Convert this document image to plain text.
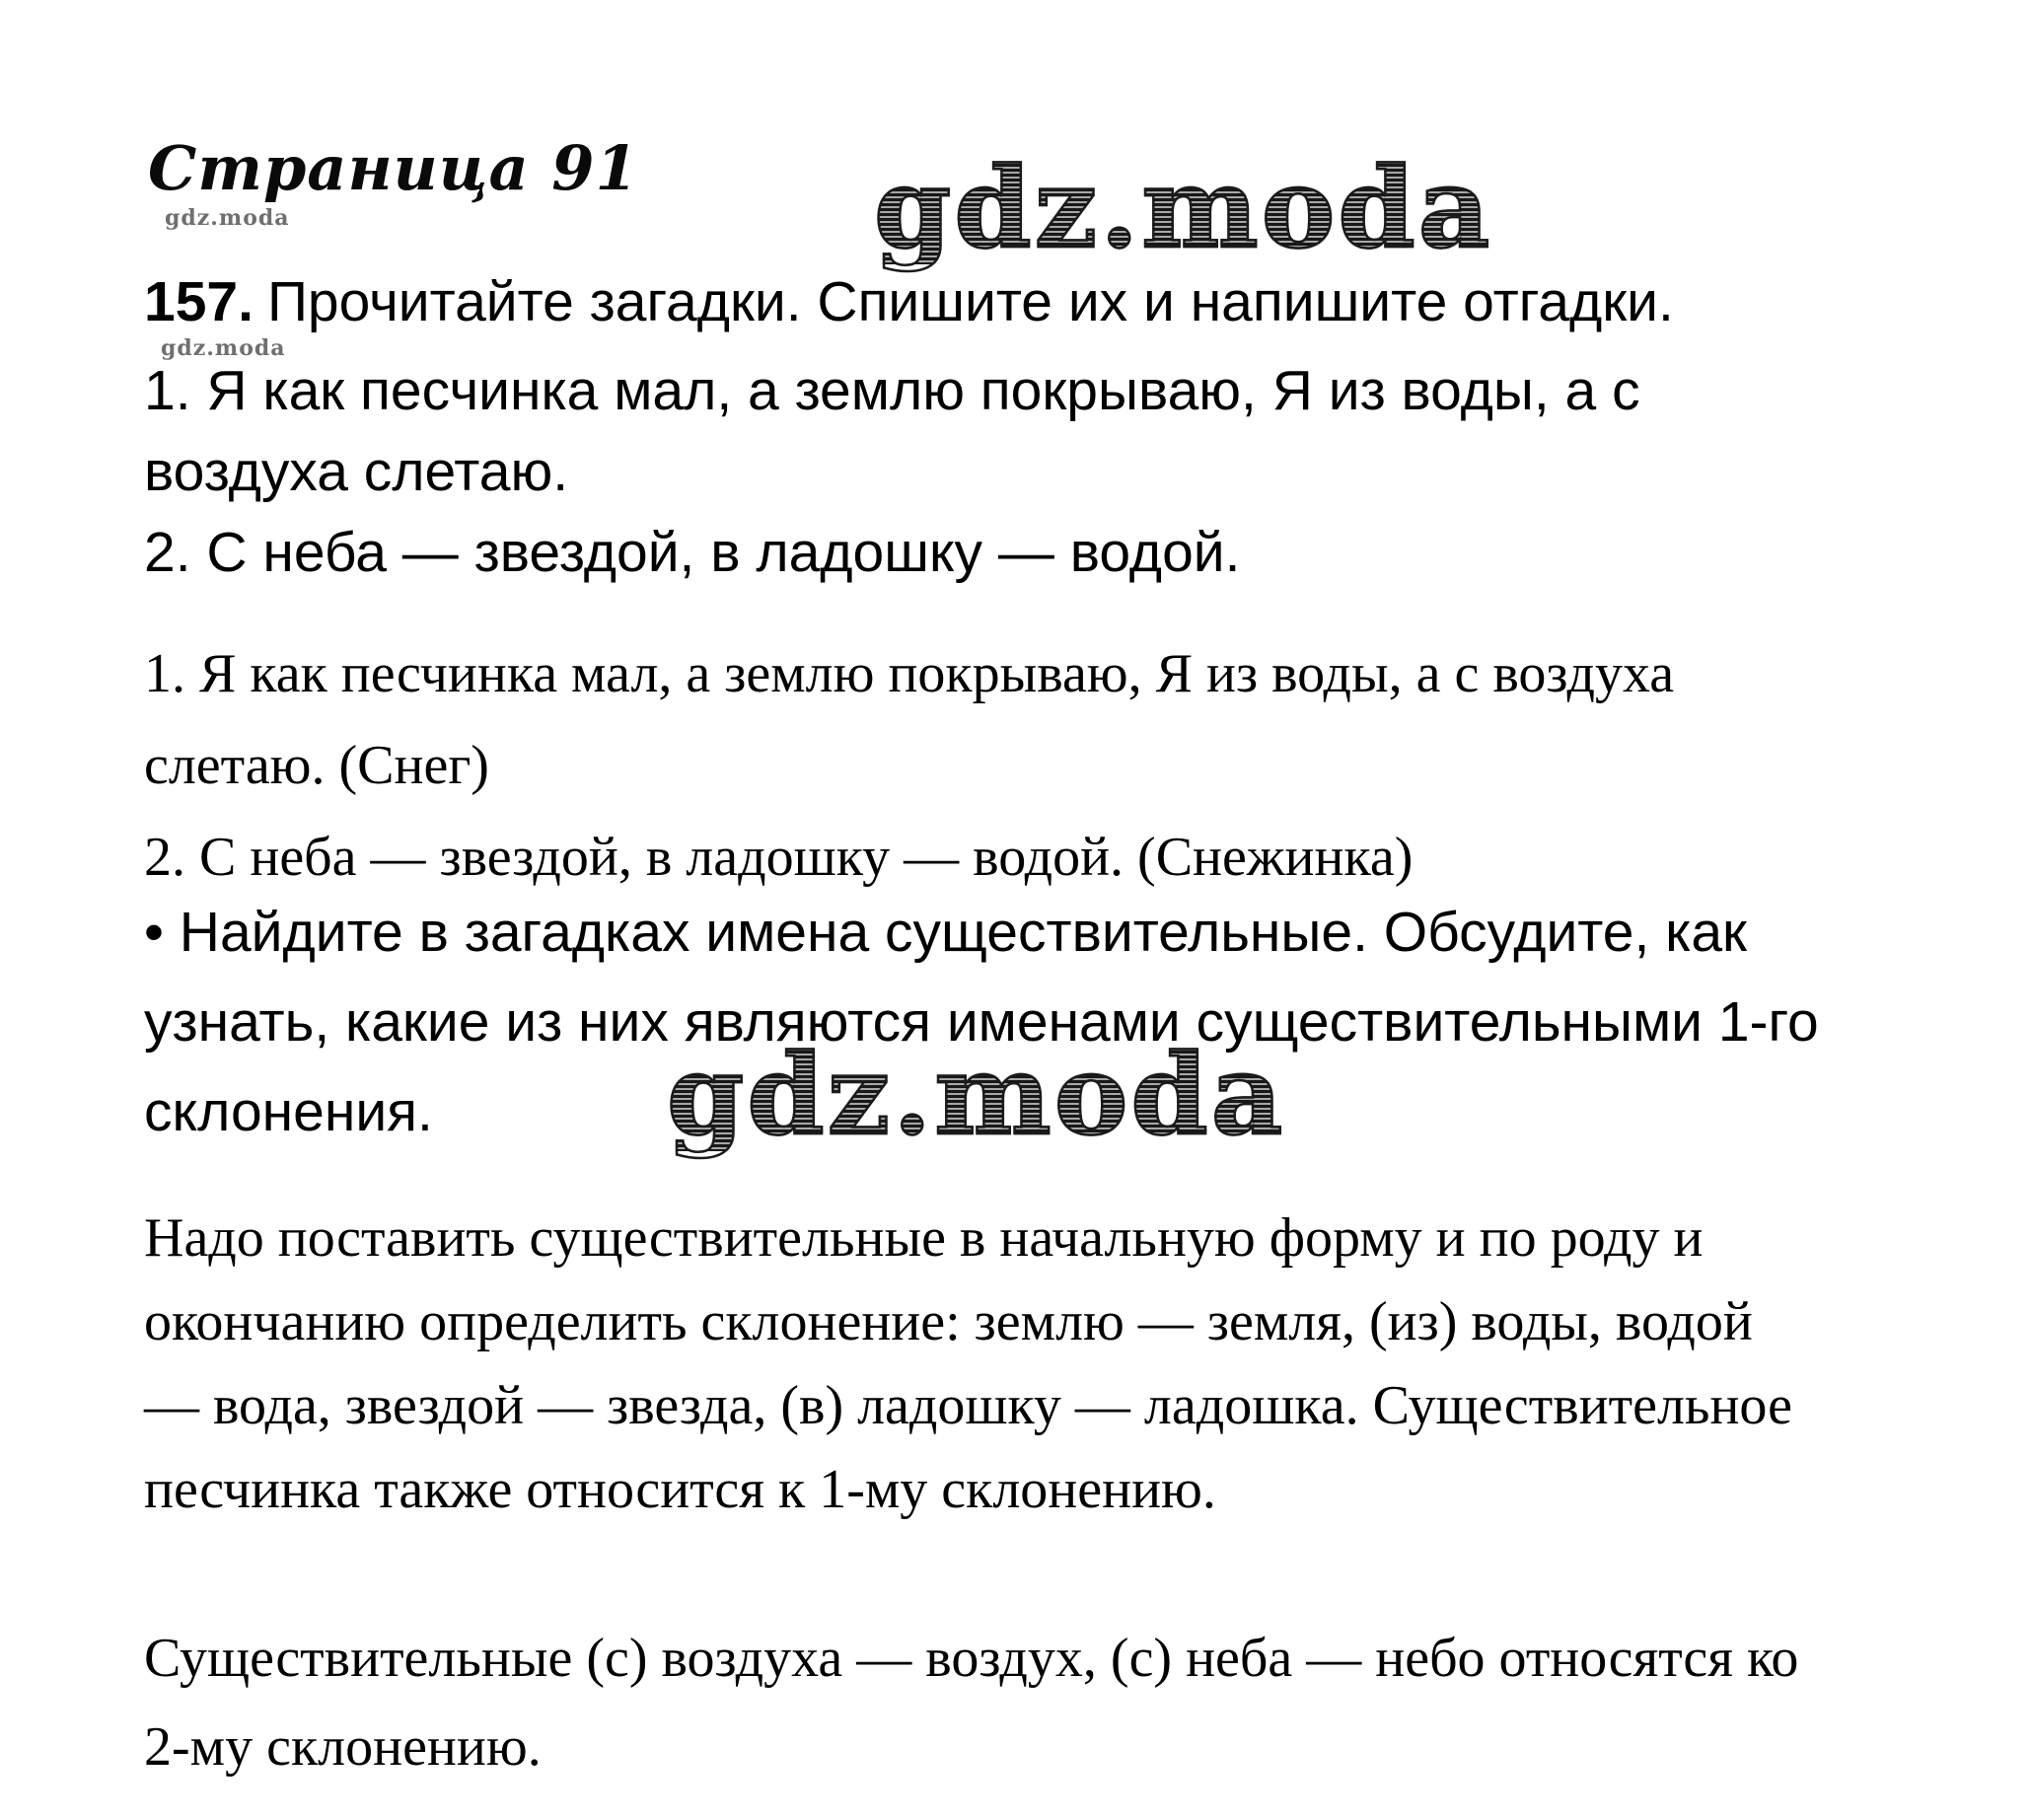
Страница 91
gdz.moda	gdz.moda
157. Прочитайте загадки. Спишите их и напишите отгадки.
gdz.moda
1. Я как песчинка мал, а землю покрываю, Я из воды, а с
воздуха слетаю.
2. С неба — звездой, в ладошку — водой.
1. Я как песчинка мал, а землю покрываю, Я из воды, а с воздуха
слетаю. (Снег)
2. С неба — звездой, в ладошку — водой. (Снежинка)
• Найдите в загадках имена существительные. Обсудите, как
узнать, какие из них являются именами существительными 1-го
склонения.	gdz.moda
Надо поставить существительные в начальную форму и по роду и
окончанию определить склонение: землю — земля, (из) воды, водой
— вода, звездой — звезда, (в) ладошку — ладошка. Существительное
песчинка также относится к 1-му склонению.
Существительные (с) воздуха — воздух, (с) неба — небо относятся ко
2-му склонению.
